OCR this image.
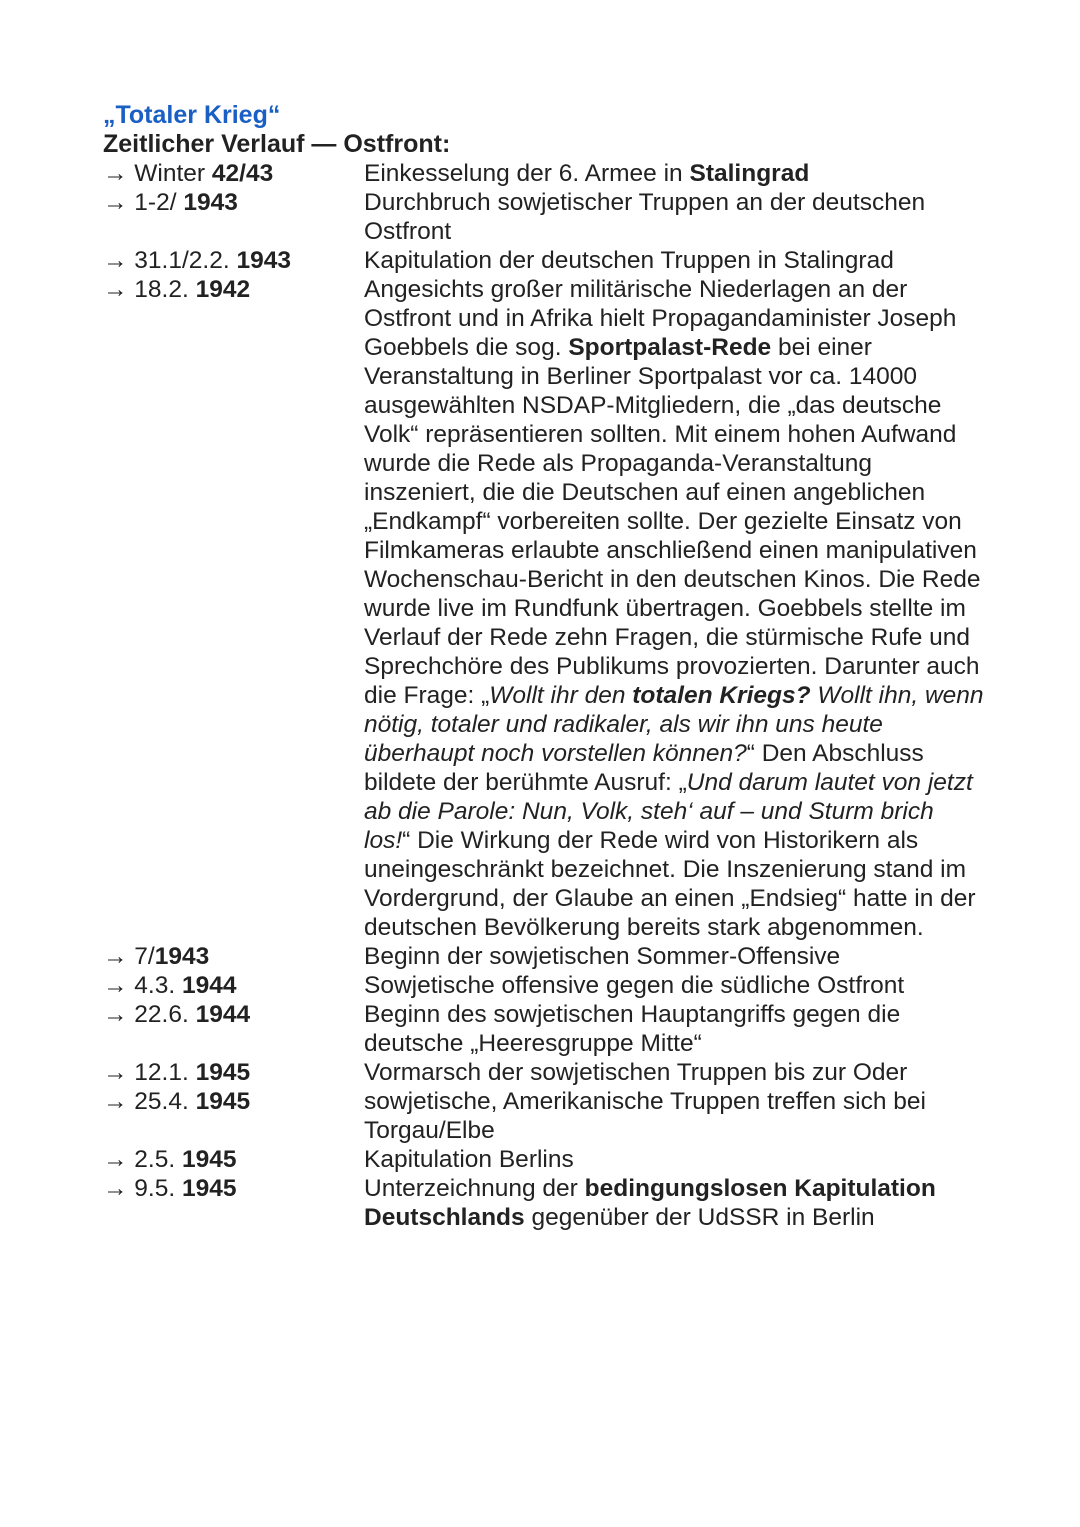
„Totaler Krieg“
Zeitlicher Verlauf — Ostfront:
→ Winter 42/43	Einkesselung der 6. Armee in Stalingrad
→ 1-2/ 1943	Durchbruch sowjetischer Truppen an der deutschen Ostfront
→ 31.1/2.2. 1943	Kapitulation der deutschen Truppen in Stalingrad
→ 18.2. 1942	Angesichts großer militärische Niederlagen an der Ostfront und in Afrika hielt Propagandaminister Joseph Goebbels die sog. Sportpalast-Rede bei einer Veranstaltung in Berliner Sportpalast vor ca. 14000 ausgewählten NSDAP-Mitgliedern, die „das deutsche Volk“ repräsentieren sollten. Mit einem hohen Aufwand wurde die Rede als Propaganda-Veranstaltung inszeniert, die die Deutschen auf einen angeblichen „Endkampf“ vorbereiten sollte. Der gezielte Einsatz von Filmkameras erlaubte anschließend einen manipulativen Wochenschau-Bericht in den deutschen Kinos. Die Rede wurde live im Rundfunk übertragen. Goebbels stellte im Verlauf der Rede zehn Fragen, die stürmische Rufe und Sprechchöre des Publikums provozierten. Darunter auch die Frage: „Wollt ihr den totalen Kriegs? Wollt ihn, wenn nötig, totaler und radikaler, als wir ihn uns heute überhaupt noch vorstellen können?“ Den Abschluss bildete der berühmte Ausruf: „Und darum lautet von jetzt ab die Parole: Nun, Volk, steh‘ auf – und Sturm brich los!“ Die Wirkung der Rede wird von Historikern als uneingeschränkt bezeichnet. Die Inszenierung stand im Vordergrund, der Glaube an einen „Endsieg“ hatte in der deutschen Bevölkerung bereits stark abgenommen.
→ 7/1943	Beginn der sowjetischen Sommer-Offensive
→ 4.3. 1944	Sowjetische offensive gegen die südliche Ostfront
→ 22.6. 1944	Beginn des sowjetischen Hauptangriffs gegen die deutsche „Heeresgruppe Mitte“
→ 12.1. 1945	Vormarsch der sowjetischen Truppen bis zur Oder
→ 25.4. 1945	sowjetische, Amerikanische Truppen treffen sich bei Torgau/Elbe
→ 2.5. 1945	Kapitulation Berlins
→ 9.5. 1945	Unterzeichnung der bedingungslosen Kapitulation Deutschlands gegenüber der UdSSR in Berlin
